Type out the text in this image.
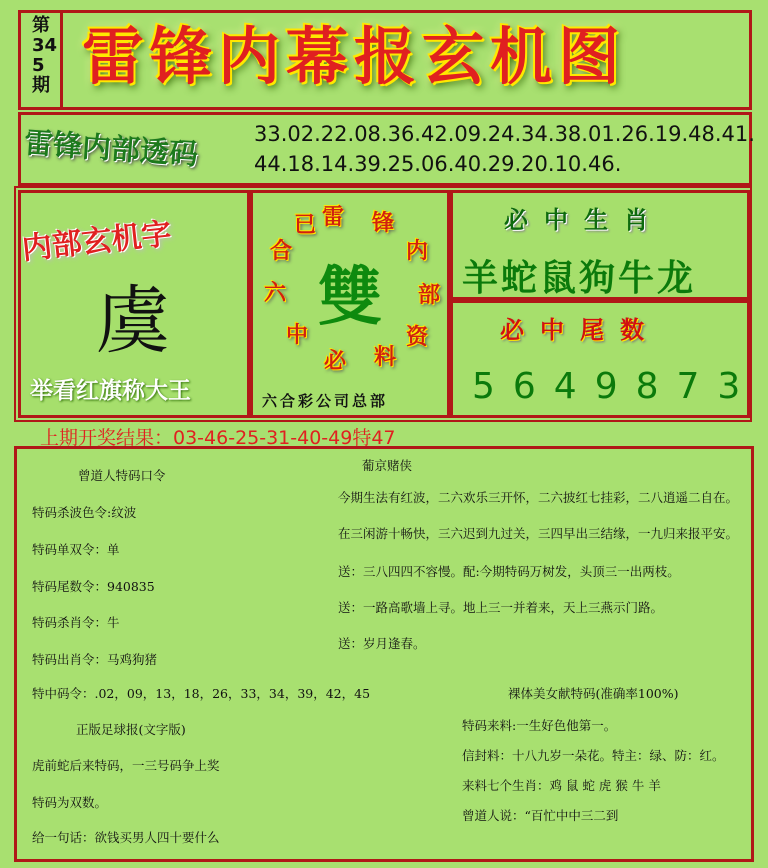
第345期 雷锋内幕报玄机图
雷锋内部透码	33.02.22.08.36.42.09.24.34.38.01.26.19.48.41.
44.18.14.39.25.06.40.29.20.10.46.
内部玄机字
虞
举看红旗称大王
雷 锋
内
部
资
料
必
中
六
合
已
雙
六合彩公司总部
必中生肖
羊蛇鼠狗牛龙
必中尾数
5649873
上期开奖结果：03-46-25-31-40-49特47
曾道人特码口令
特码杀波色令:纹波
特码单双令：单
特码尾数令：940835
特码杀肖令：牛
特码出肖令：马鸡狗猪
特中码令：.02，09，13，18，26，33，34，39，42，45
正版足球报(文字版)
虎前蛇后来特码，一三号码争上奖
特码为双数。
给一句话：欲钱买男人四十要什么
葡京赌侠
今期生法有红波，二六欢乐三开怀，二六披红七挂彩，二八逍遥二自在。
在三闲游十畅快，三六迟到九过关，三四早出三结缘，一九归来报平安。
送：三八四四不容慢。配:今期特码万树发，头顶三一出两枝。
送：一路高歌墙上寻。地上三一并着来，天上三燕示门路。
送：岁月逢春。
裸体美女献特码(准确率100%)
特码来料:一生好色他第一。
信封料：十八九岁一朵花。特主：绿、防：红。
来料七个生肖：鸡 鼠 蛇 虎 猴 牛 羊
曾道人说：“百忙中中三二到
